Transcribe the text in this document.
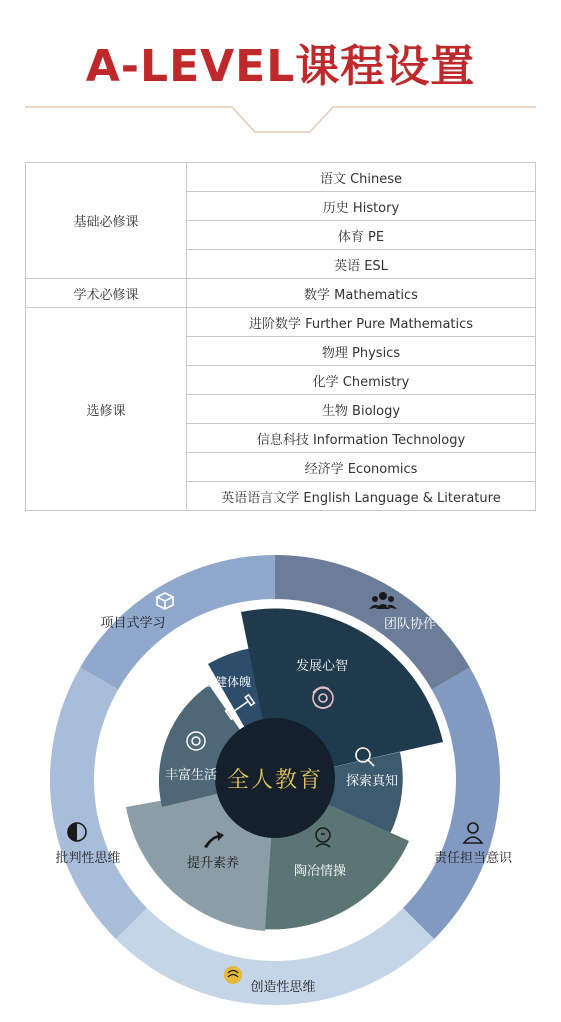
A-LEVEL课程设置
基础必修课	语文 Chinese
	历史 History
	体育 PE
	英语 ESL
学术必修课	数学 Mathematics
选修课	进阶数学 Further Pure Mathematics
	物理 Physics
	化学 Chemistry
	生物 Biology
	信息科技 Information Technology
	经济学 Economics
	英语语言文学 English Language & Literature
全人教育
强健体魄
发展心智
探索真知
陶冶情操
提升素养
丰富生活
项目式学习	团队协作
责任担当意识
创造性思维
批判性思维
